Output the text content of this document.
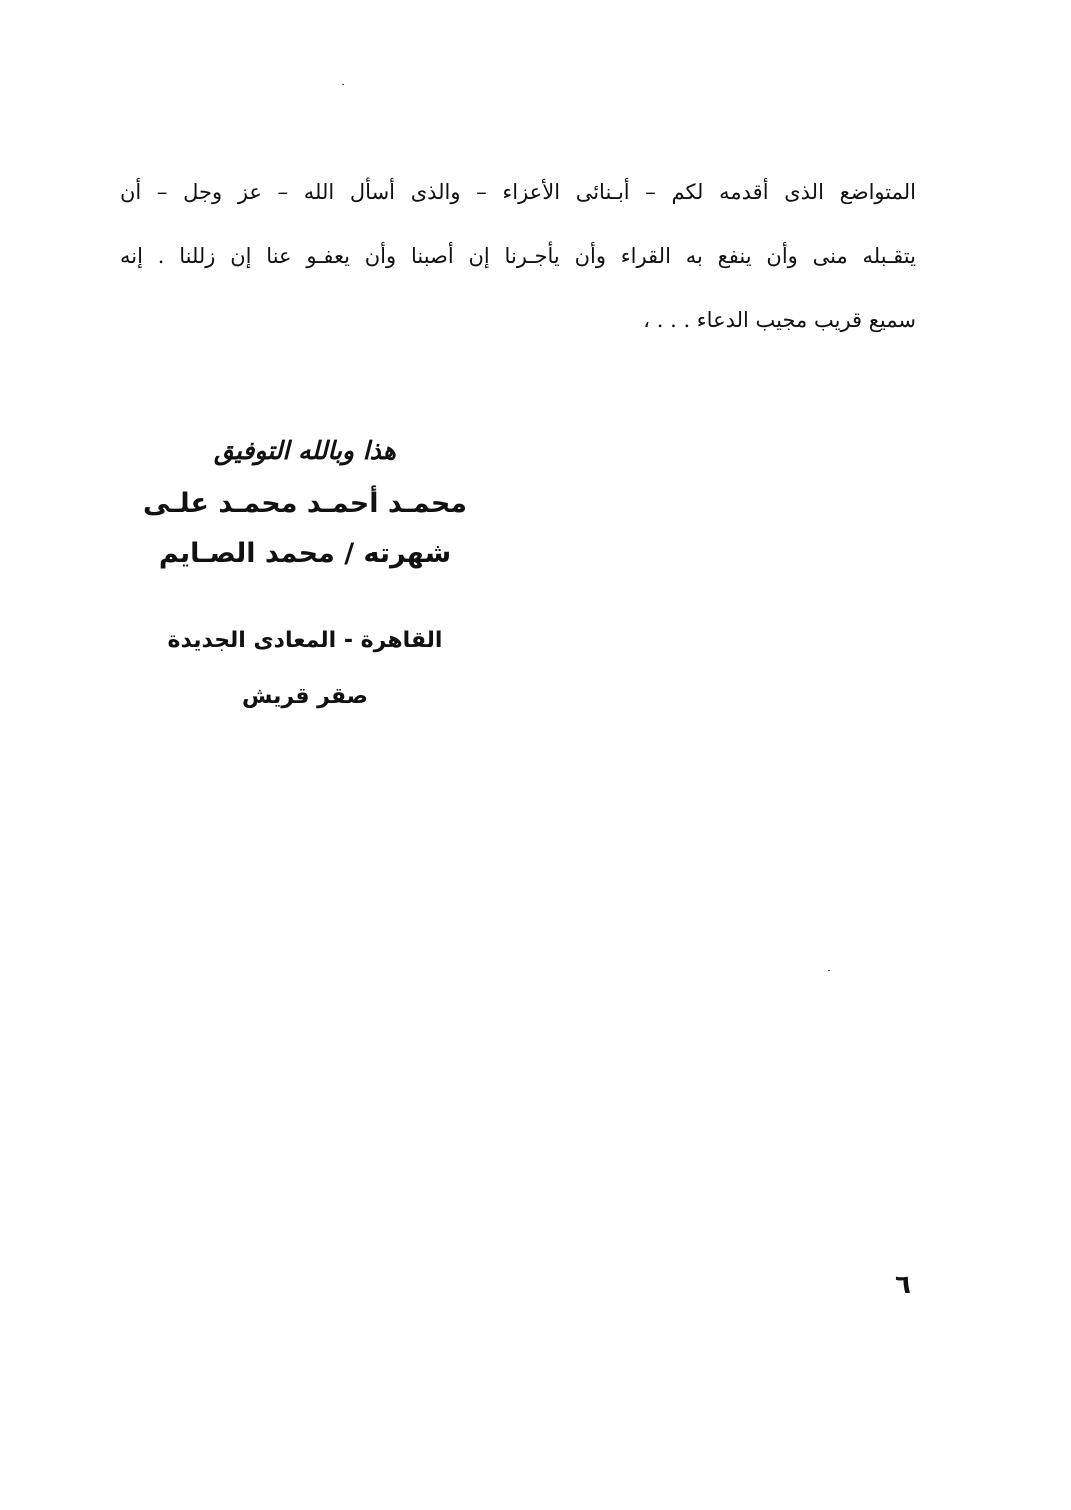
المتواضع الذى أقدمه لكم – أبـنائى الأعزاء – والذى أسأل الله – عز وجل – أن
يتقـبله منى وأن ينفع به القراء وأن يأجـرنا إن أصبنا وأن يعفـو عنا إن زللنا . إنه
سميع قريب مجيب الدعاء . . . ،
هذا وبالله التوفيق
محمـد أحمـد محمـد علـى
شهرته / محمد الصـايم
القاهرة - المعادى الجديدة
صقر قريش
٦
